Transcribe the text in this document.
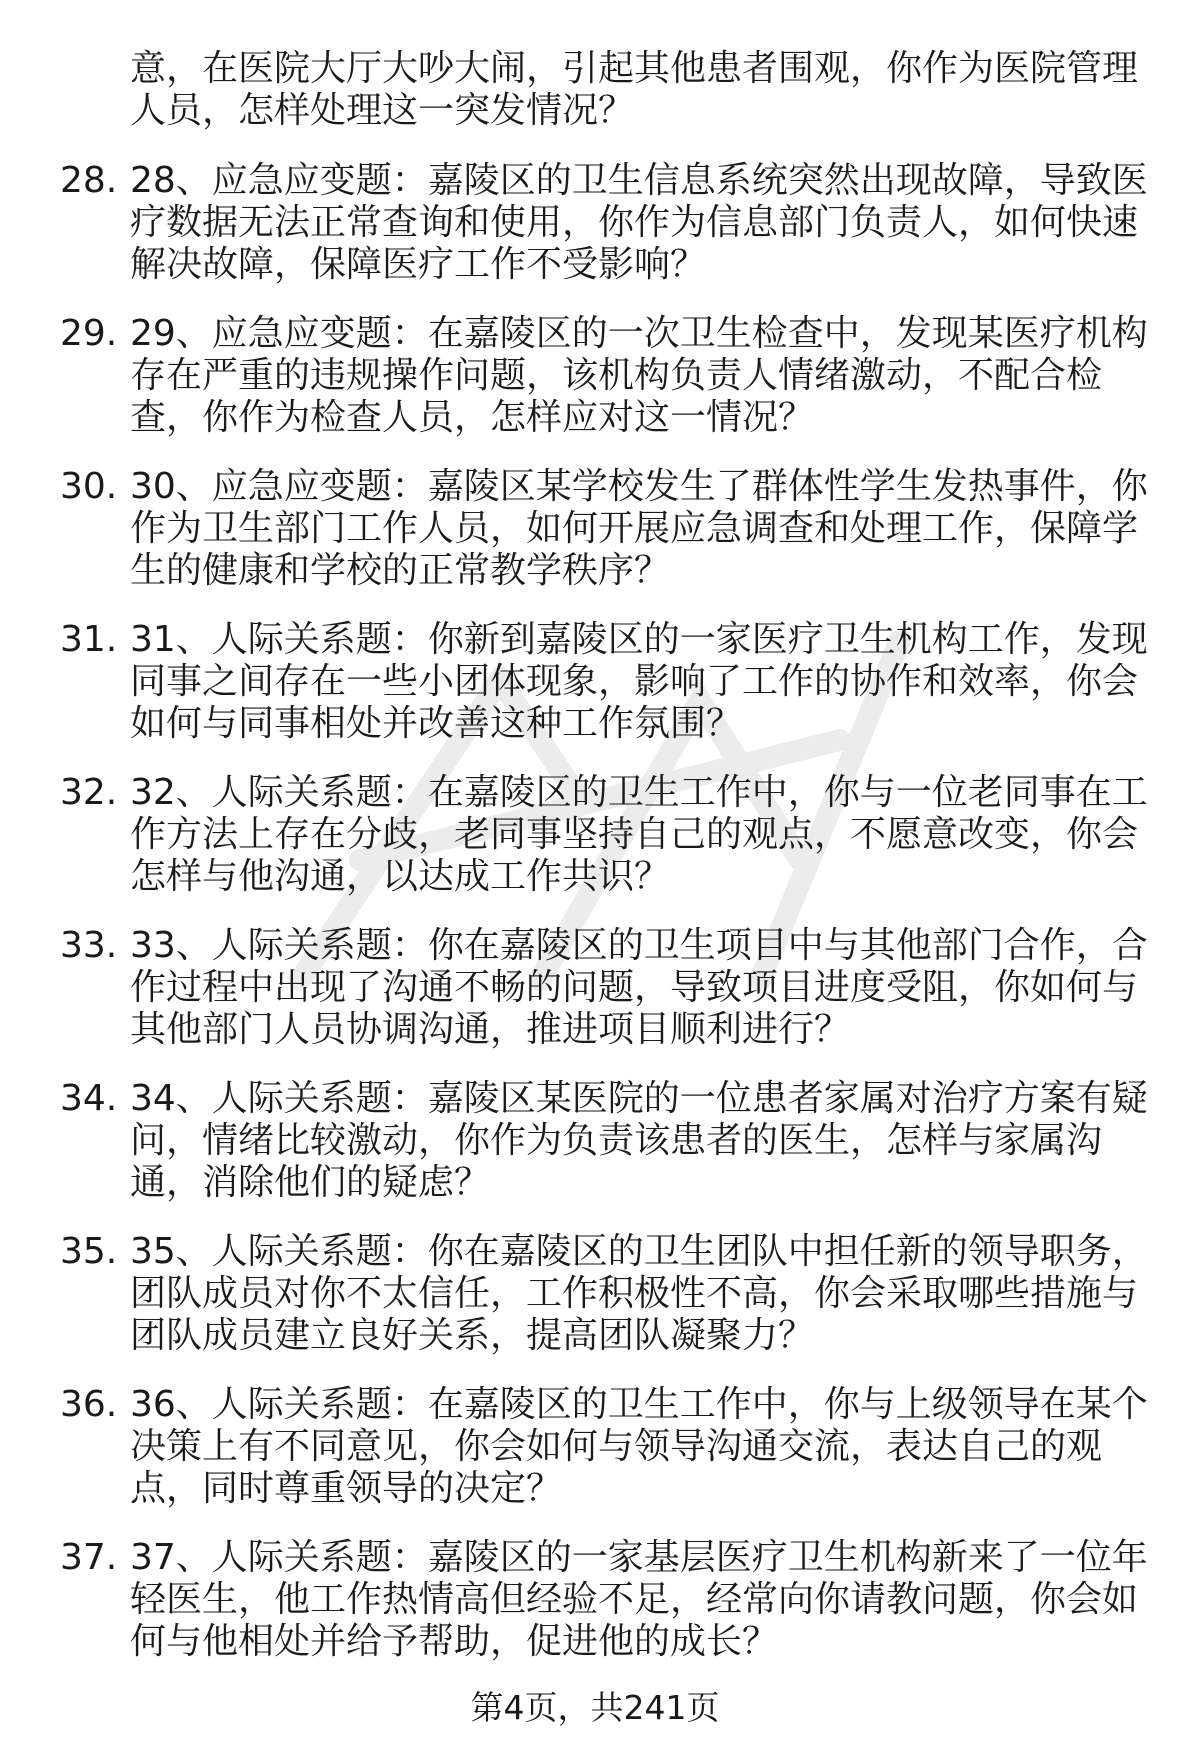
意，在医院大厅大吵大闹，引起其他患者围观，你作为医院管理人员，怎样处理这一突发情况？
28. 28、应急应变题：嘉陵区的卫生信息系统突然出现故障，导致医疗数据无法正常查询和使用，你作为信息部门负责人，如何快速解决故障，保障医疗工作不受影响？
29. 29、应急应变题：在嘉陵区的一次卫生检查中，发现某医疗机构存在严重的违规操作问题，该机构负责人情绪激动，不配合检查，你作为检查人员，怎样应对这一情况？
30. 30、应急应变题：嘉陵区某学校发生了群体性学生发热事件，你作为卫生部门工作人员，如何开展应急调查和处理工作，保障学生的健康和学校的正常教学秩序？
31. 31、人际关系题：你新到嘉陵区的一家医疗卫生机构工作，发现同事之间存在一些小团体现象，影响了工作的协作和效率，你会如何与同事相处并改善这种工作氛围？
32. 32、人际关系题：在嘉陵区的卫生工作中，你与一位老同事在工作方法上存在分歧，老同事坚持自己的观点，不愿意改变，你会怎样与他沟通，以达成工作共识？
33. 33、人际关系题：你在嘉陵区的卫生项目中与其他部门合作，合作过程中出现了沟通不畅的问题，导致项目进度受阻，你如何与其他部门人员协调沟通，推进项目顺利进行？
34. 34、人际关系题：嘉陵区某医院的一位患者家属对治疗方案有疑问，情绪比较激动，你作为负责该患者的医生，怎样与家属沟通，消除他们的疑虑？
35. 35、人际关系题：你在嘉陵区的卫生团队中担任新的领导职务，团队成员对你不太信任，工作积极性不高，你会采取哪些措施与团队成员建立良好关系，提高团队凝聚力？
36. 36、人际关系题：在嘉陵区的卫生工作中，你与上级领导在某个决策上有不同意见，你会如何与领导沟通交流，表达自己的观点，同时尊重领导的决定？
37. 37、人际关系题：嘉陵区的一家基层医疗卫生机构新来了一位年轻医生，他工作热情高但经验不足，经常向你请教问题，你会如何与他相处并给予帮助，促进他的成长？
第4页，共241页
